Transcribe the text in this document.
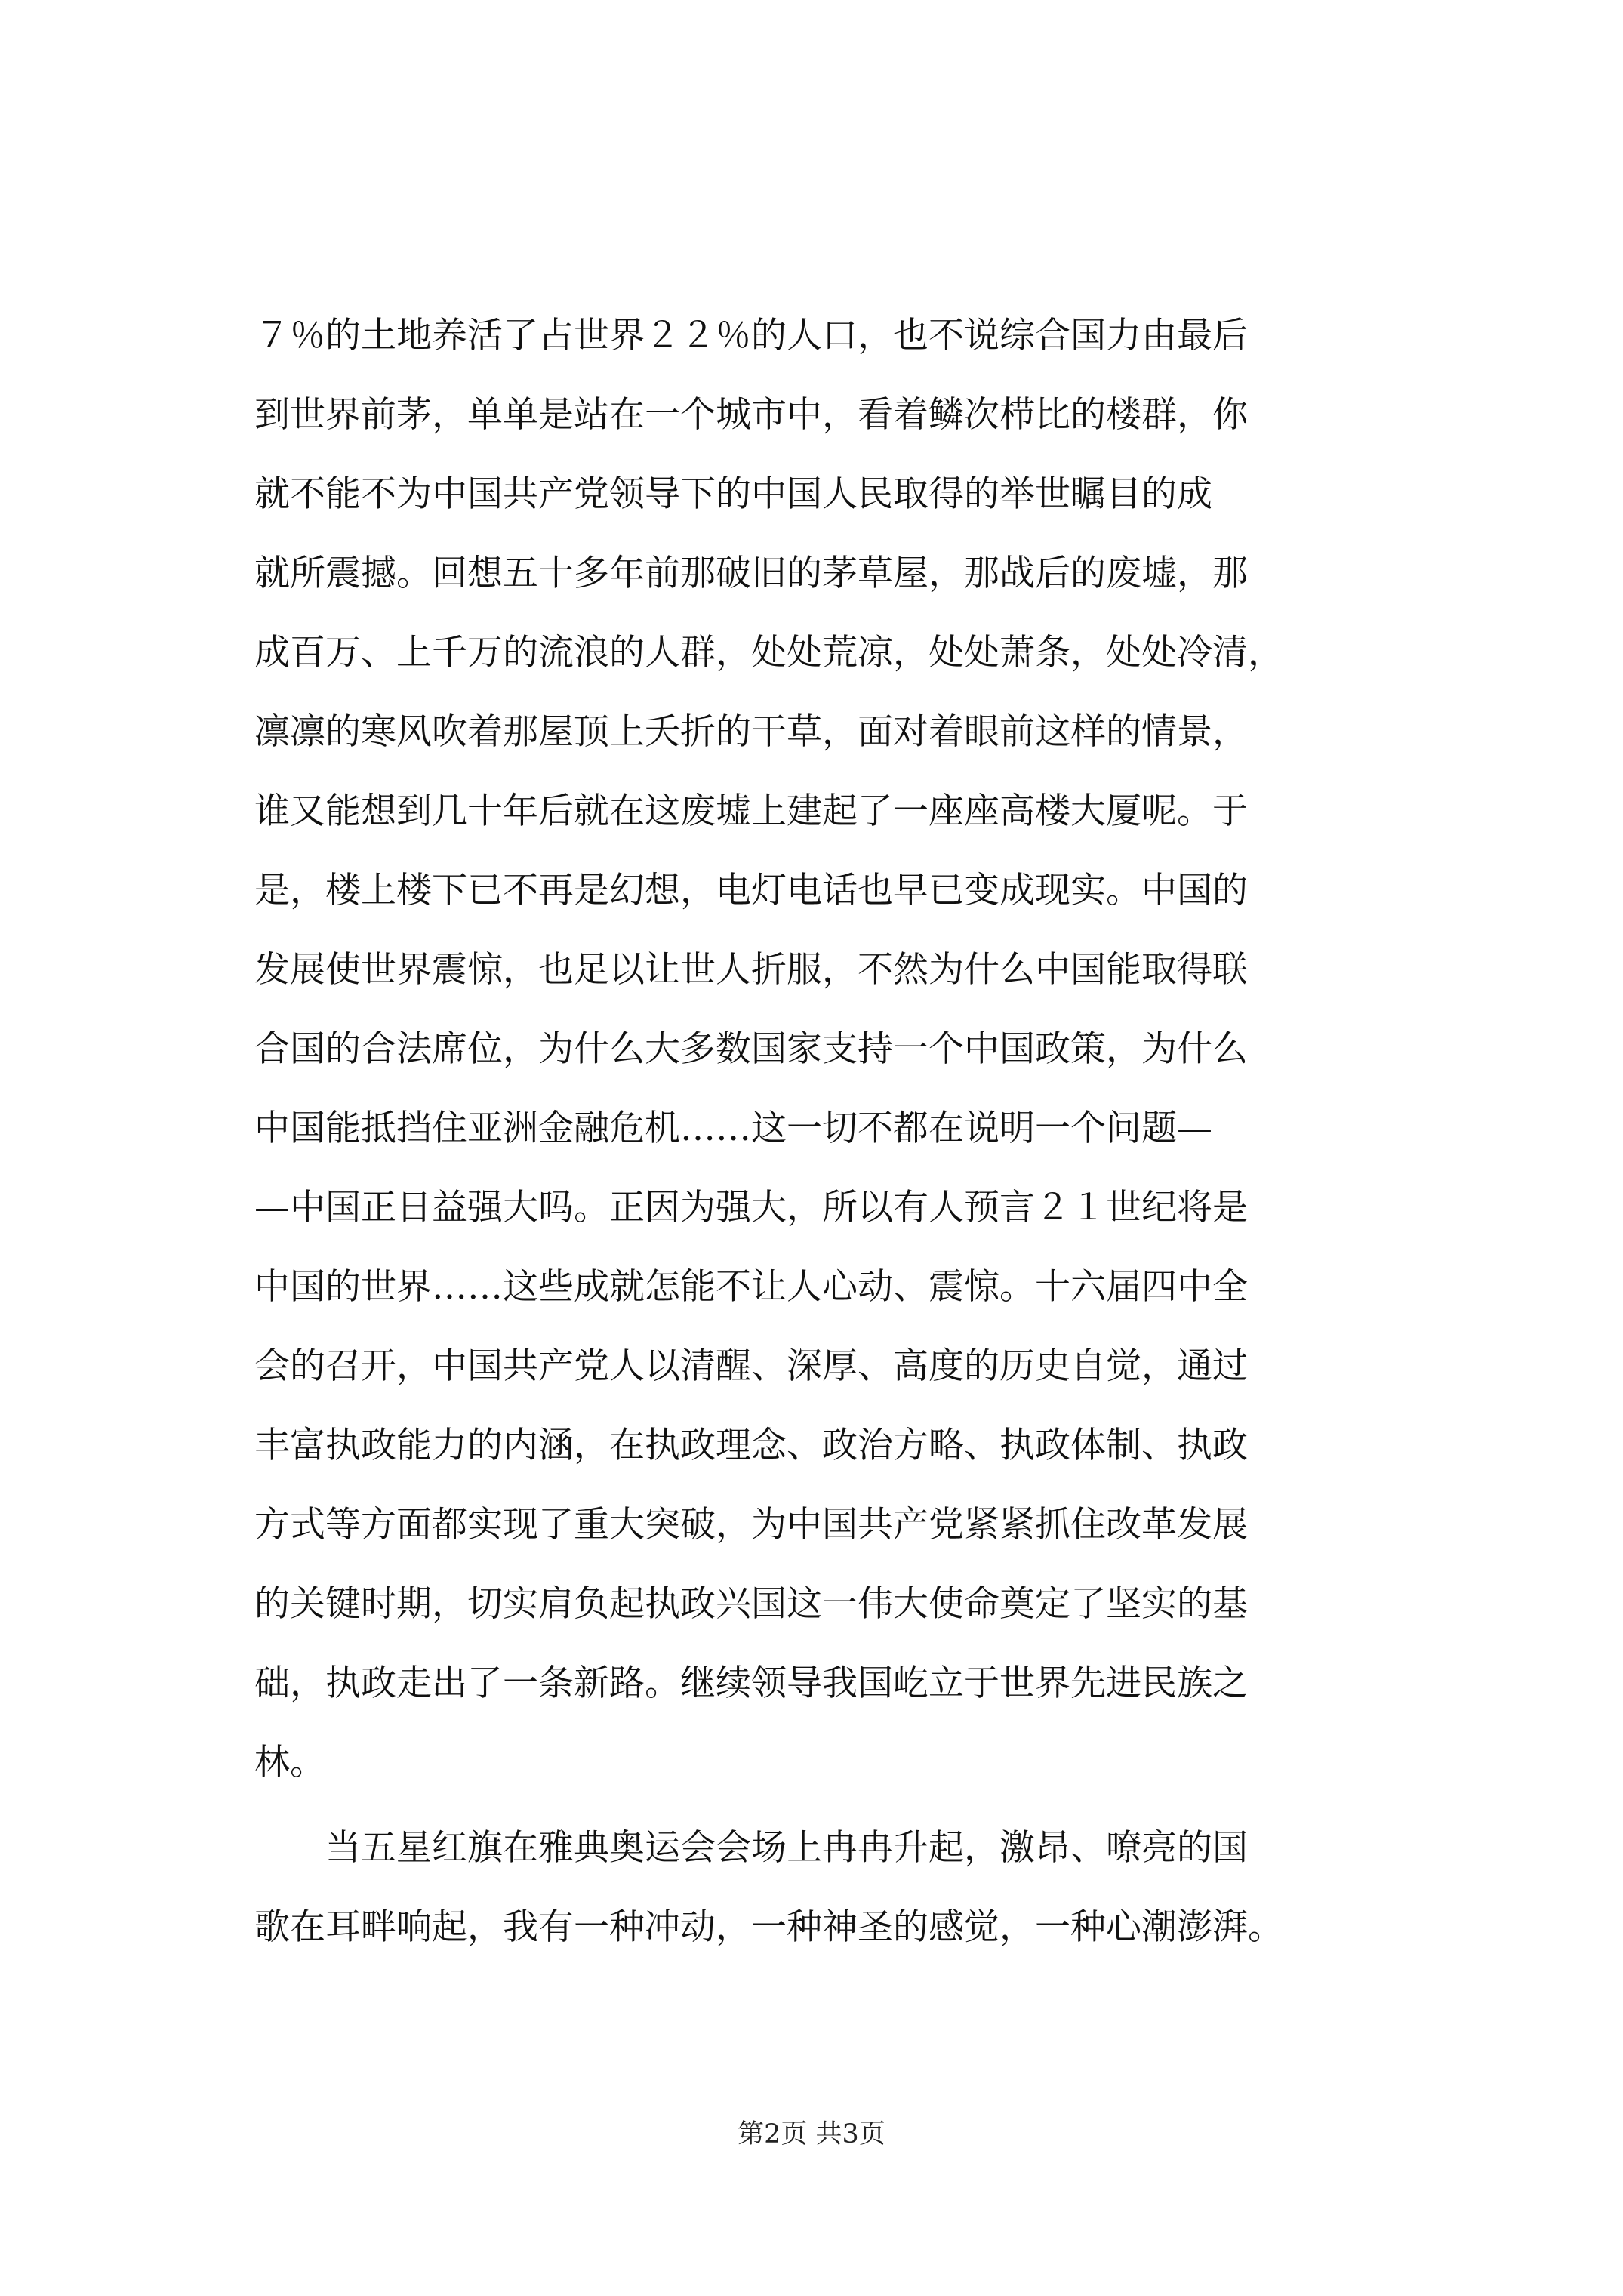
７％的土地养活了占世界２２％的人口，也不说综合国力由最后
到世界前茅，单单是站在一个城市中，看着鳞次栉比的楼群，你
就不能不为中国共产党领导下的中国人民取得的举世瞩目的成
就所震撼。回想五十多年前那破旧的茅草屋，那战后的废墟，那
成百万、上千万的流浪的人群，处处荒凉，处处萧条，处处冷清，
凛凛的寒风吹着那屋顶上夭折的干草，面对着眼前这样的情景，
谁又能想到几十年后就在这废墟上建起了一座座高楼大厦呢。于
是，楼上楼下已不再是幻想，电灯电话也早已变成现实。中国的
发展使世界震惊，也足以让世人折服，不然为什么中国能取得联
合国的合法席位，为什么大多数国家支持一个中国政策，为什么
中国能抵挡住亚洲金融危机……这一切不都在说明一个问题—
—中国正日益强大吗。正因为强大，所以有人预言２１世纪将是
中国的世界……这些成就怎能不让人心动、震惊。十六届四中全
会的召开，中国共产党人以清醒、深厚、高度的历史自觉，通过
丰富执政能力的内涵，在执政理念、政治方略、执政体制、执政
方式等方面都实现了重大突破，为中国共产党紧紧抓住改革发展
的关键时期，切实肩负起执政兴国这一伟大使命奠定了坚实的基
础，执政走出了一条新路。继续领导我国屹立于世界先进民族之
林。
当五星红旗在雅典奥运会会场上冉冉升起，激昂、嘹亮的国
歌在耳畔响起，我有一种冲动，一种神圣的感觉，一种心潮澎湃。
第2页 共3页
